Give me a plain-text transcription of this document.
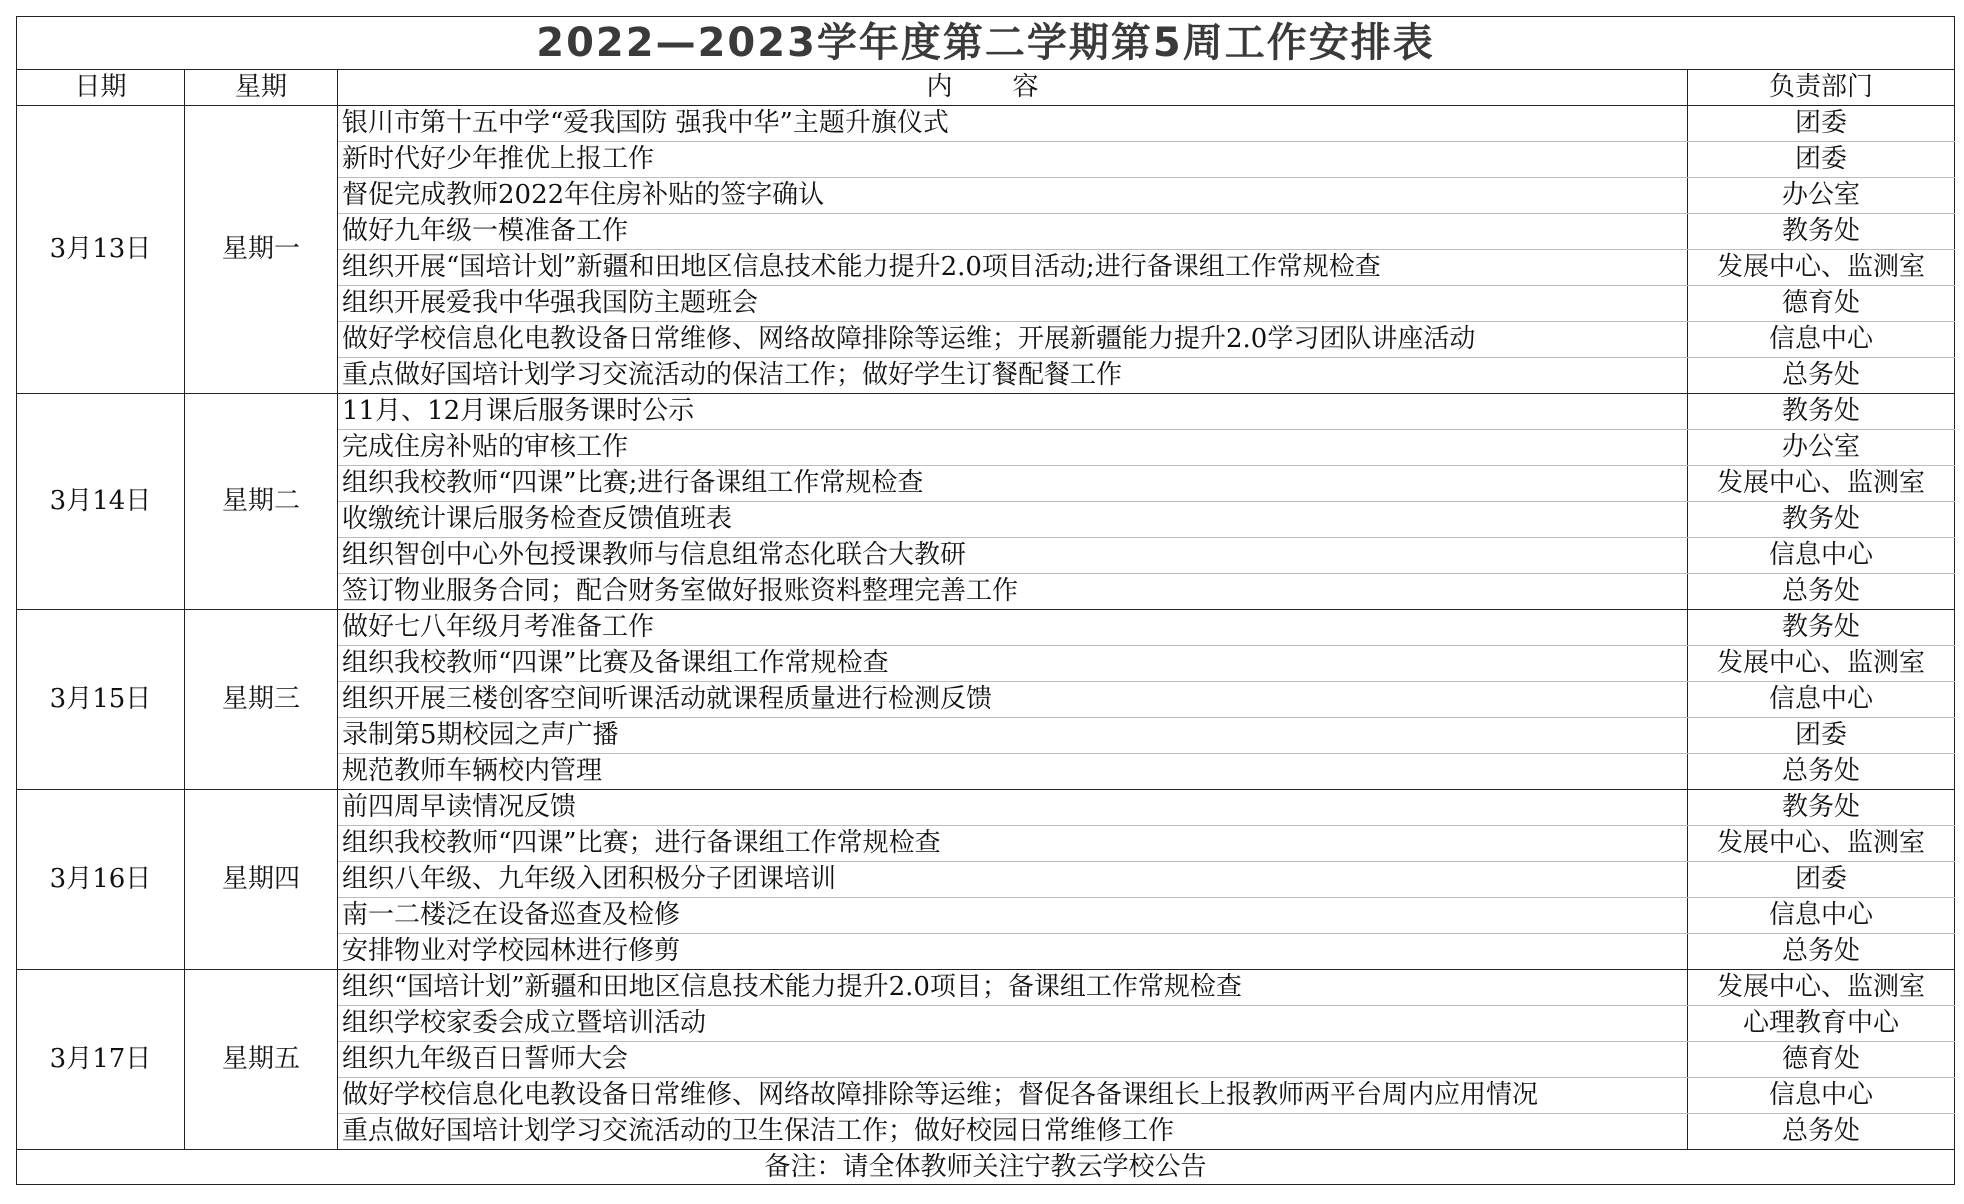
2022—2023学年度第二学期第5周工作安排表			
日期	星期	内容	负责部门
3月13日	星期一	银川市第十五中学“爱我国防 强我中华”主题升旗仪式	团委
		新时代好少年推优上报工作	团委
		督促完成教师2022年住房补贴的签字确认	办公室
		做好九年级一模准备工作	教务处
		组织开展“国培计划”新疆和田地区信息技术能力提升2.0项目活动;进行备课组工作常规检查	发展中心、监测室
		组织开展爱我中华强我国防主题班会	德育处
		做好学校信息化电教设备日常维修、网络故障排除等运维；开展新疆能力提升2.0学习团队讲座活动	信息中心
		重点做好国培计划学习交流活动的保洁工作；做好学生订餐配餐工作	总务处
3月14日	星期二	11月、12月课后服务课时公示	教务处
		完成住房补贴的审核工作	办公室
		组织我校教师“四课”比赛;进行备课组工作常规检查	发展中心、监测室
		收缴统计课后服务检查反馈值班表	教务处
		组织智创中心外包授课教师与信息组常态化联合大教研	信息中心
		签订物业服务合同；配合财务室做好报账资料整理完善工作	总务处
3月15日	星期三	做好七八年级月考准备工作	教务处
		组织我校教师“四课”比赛及备课组工作常规检查	发展中心、监测室
		组织开展三楼创客空间听课活动就课程质量进行检测反馈	信息中心
		录制第5期校园之声广播	团委
		规范教师车辆校内管理	总务处
3月16日	星期四	前四周早读情况反馈	教务处
		组织我校教师“四课”比赛；进行备课组工作常规检查	发展中心、监测室
		组织八年级、九年级入团积极分子团课培训	团委
		南一二楼泛在设备巡查及检修	信息中心
		安排物业对学校园林进行修剪	总务处
3月17日	星期五	组织“国培计划”新疆和田地区信息技术能力提升2.0项目；备课组工作常规检查	发展中心、监测室
		组织学校家委会成立暨培训活动	心理教育中心
		组织九年级百日誓师大会	德育处
		做好学校信息化电教设备日常维修、网络故障排除等运维；督促各备课组长上报教师两平台周内应用情况	信息中心
		重点做好国培计划学习交流活动的卫生保洁工作；做好校园日常维修工作	总务处
备注：请全体教师关注宁教云学校公告			
